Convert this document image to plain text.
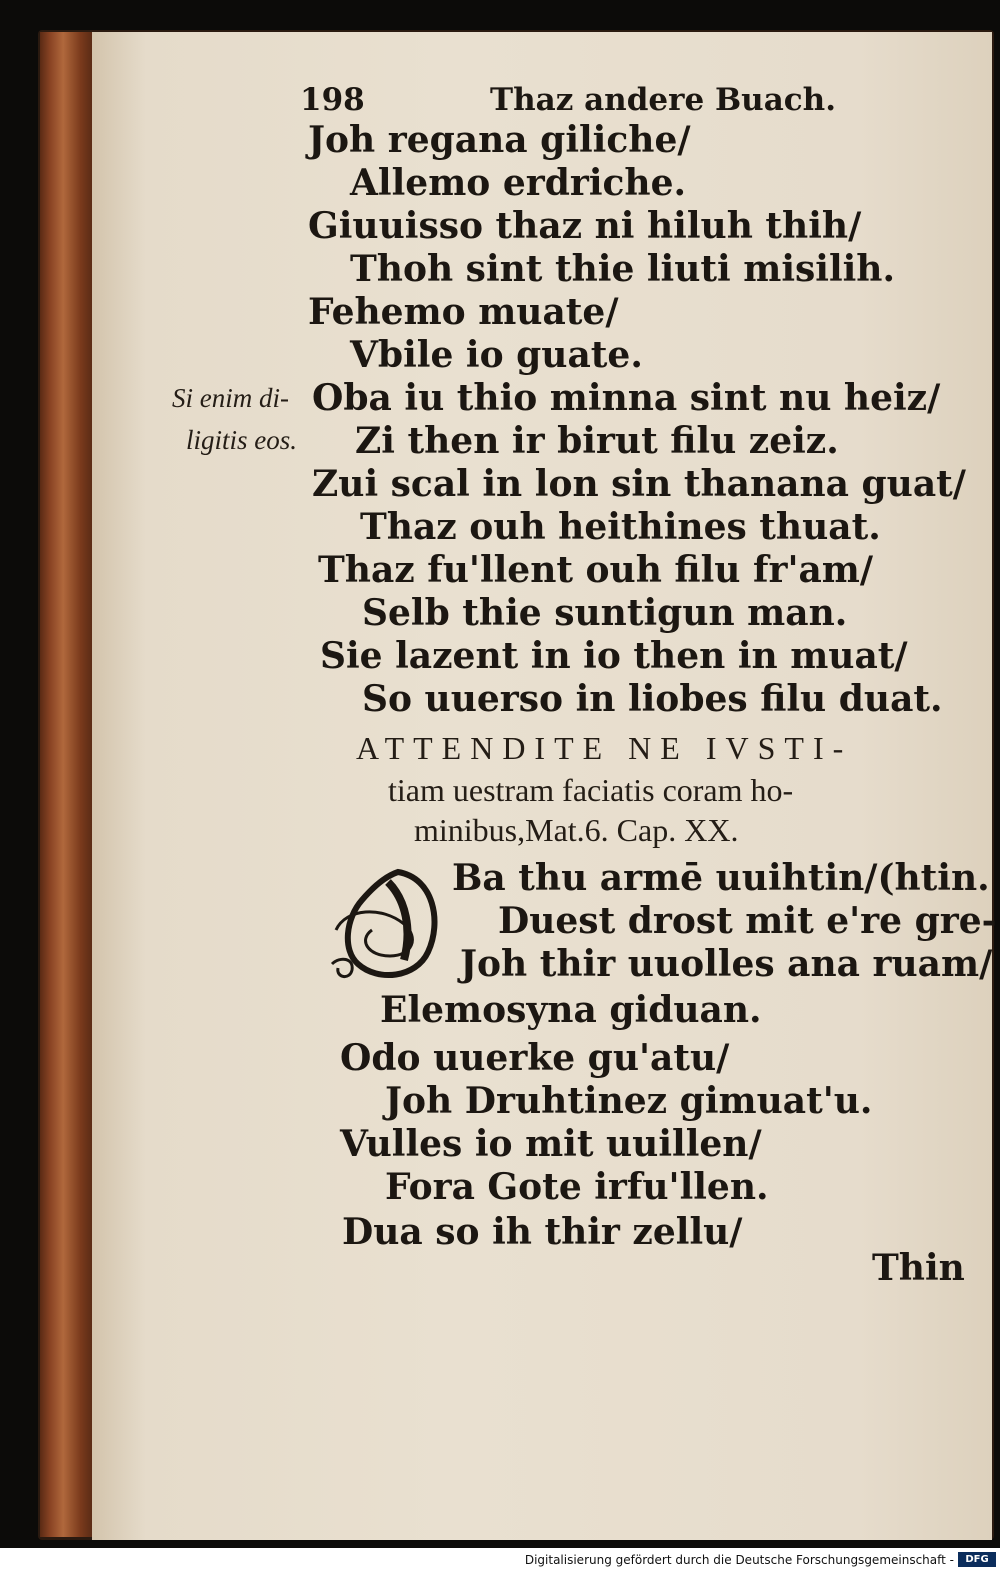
198	Thaz andere Buach.
Joh regana giliche/
Allemo erdriche.
Giuuisso thaz ni hiluh thih/
Thoh sint thie liuti misilih.
Fehemo muate/
Vbile io guate.
Oba iu thio minna sint nu heiz/
Zi then ir birut filu zeiz.
Zui scal in lon sin thanana guat/
Thaz ouh heithines thuat.
Thaz fu'llent ouh filu fr'am/
Selb thie suntigun man.
Sie lazent in io then in muat/
So uuerso in liobes filu duat.
Si enim di-
ligitis eos.
ATTENDITE NE IVSTI-
tiam uestram faciatis coram ho-
minibus,Mat.6. Cap. XX.
Ba thu armē uuihtin/(htin.
Duest drost mit e're gre-
Joh thir uuolles ana ruam/
Elemosyna giduan.
Odo uuerke gu'atu/
Joh Druhtinez gimuat'u.
Vulles io mit uuillen/
Fora Gote irfu'llen.
Dua so ih thir zellu/
Thin
Digitalisierung gefördert durch die Deutsche Forschungsgemeinschaft -	DFG
